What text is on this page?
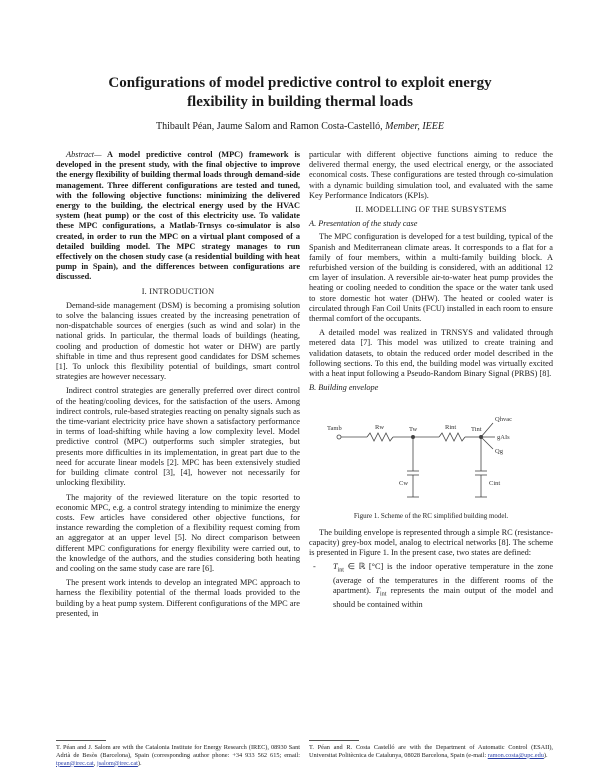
Configurations of model predictive control to exploit energy flexibility in building thermal loads
Thibault Péan, Jaume Salom and Ramon Costa-Castelló, Member, IEEE

Abstract— A model predictive control (MPC) framework is developed in the present study, with the final objective to improve the energy flexibility of building thermal loads through demand-side management. Three different configurations are tested and tuned, with the following objective functions: minimizing the delivered energy to the building, the electrical energy used by the HVAC system (heat pump) or the cost of this electricity use. To validate these MPC configurations, a Matlab-Trnsys co-simulator is also created, in order to run the MPC on a virtual plant composed of a detailed building model. The MPC strategy manages to run effectively on the chosen study case (a residential building with heat pump in Spain), and the differences between configurations are discussed.

I. INTRODUCTION

Demand-side management (DSM) is becoming a promising solution to solve the balancing issues created by the increasing penetration of non-dispatchable sources of energies (such as wind and solar) in the national grids. In particular, the thermal loads of buildings (heating, cooling and production of domestic hot water or DHW) are partly shiftable in time and thus represent good candidates for DSM schemes [1]. To unlock this flexibility potential of buildings, smart control strategies are however necessary.

Indirect control strategies are generally preferred over direct control of the heating/cooling devices, for the satisfaction of the users. Among indirect controls, rule-based strategies reacting on penalty signals such as the time-variant electricity price have shown a satisfactory performance in terms of load-shifting while having a low complexity level. Model predictive control (MPC) outperforms such simpler strategies, but presents more difficulties in its implementation, in great part due to the need for accurate linear models [2]. MPC has been extensively studied for building climate control [3], [4], however not necessarily for unlocking flexibility.

The majority of the reviewed literature on the topic resorted to economic MPC, e.g. a control strategy intending to minimize the energy costs. Few articles have considered other objective functions, for instance rewarding the completion of a flexibility request coming from an aggregator at an upper level [5]. No direct comparison between different MPC configurations for energy flexibility were carried out, to the knowledge of the authors, and the studies considering both heating and cooling on the same study case are rare [6].

The present work intends to develop an integrated MPC approach to harness the flexibility potential of the thermal loads provided to the building by a heat pump system. Different configurations of the MPC are presented, in

particular with different objective functions aiming to reduce the delivered thermal energy, the used electrical energy, or the associated economical costs. These configurations are tested through co-simulation with a dynamic building simulation tool, and evaluated with the same Key Performance Indicators (KPIs).

II. MODELLING OF THE SUBSYSTEMS
A. Presentation of the study case

The MPC configuration is developed for a test building, typical of the Spanish and Mediterranean climate areas. It corresponds to a flat for a family of four members, within a multi-family building block. A refurbished version of the building is considered, with an additional 12 cm layer of insulation. A reversible air-to-water heat pump provides the heating or cooling needed to condition the space or the water tank used to store domestic hot water (DHW). The heated or cooled water is circulated through Fan Coil Units (FCU) installed in each room to ensure thermal comfort of the occupants.

A detailed model was realized in TRNSYS and validated through metered data [7]. This model was utilized to create training and validation datasets, to obtain the reduced order model described in the following sections. To this end, the building model was virtually excited with a heat input following a Pseudo-Random Binary Signal (PRBS) [8].

B. Building envelope
Tamb	Rw	Tw	Rint Tint
Qhvac
gAIs
Qg
Cw	Cint
Figure 1. Scheme of the RC simplified building model.

The building envelope is represented through a simple RC (resistance-capacity) grey-box model, analog to electrical networks [8]. The scheme is presented in Figure 1. In the present case, two states are defined:

- $T_{int}$ ∈ ℝ [°C] is the indoor operative temperature in the zone (average of the temperatures in the different rooms of the apartment). $T_{int}$ represents the main output of the model and should be contained within

T. Péan and J. Salom are with the Catalonia Institute for Energy Research (IREC), 08930 Sant Adrià de Besòs (Barcelona), Spain (corresponding author phone: +34 933 562 615; email: tpean@irec.cat, jsalom@irec.cat).
T. Péan and R. Costa Castelló are with the Department of Automatic Control (ESAII), Universitat Politècnica de Catalunya, 08028 Barcelona, Spain (e-mail: ramon.costa@upc.edu).
